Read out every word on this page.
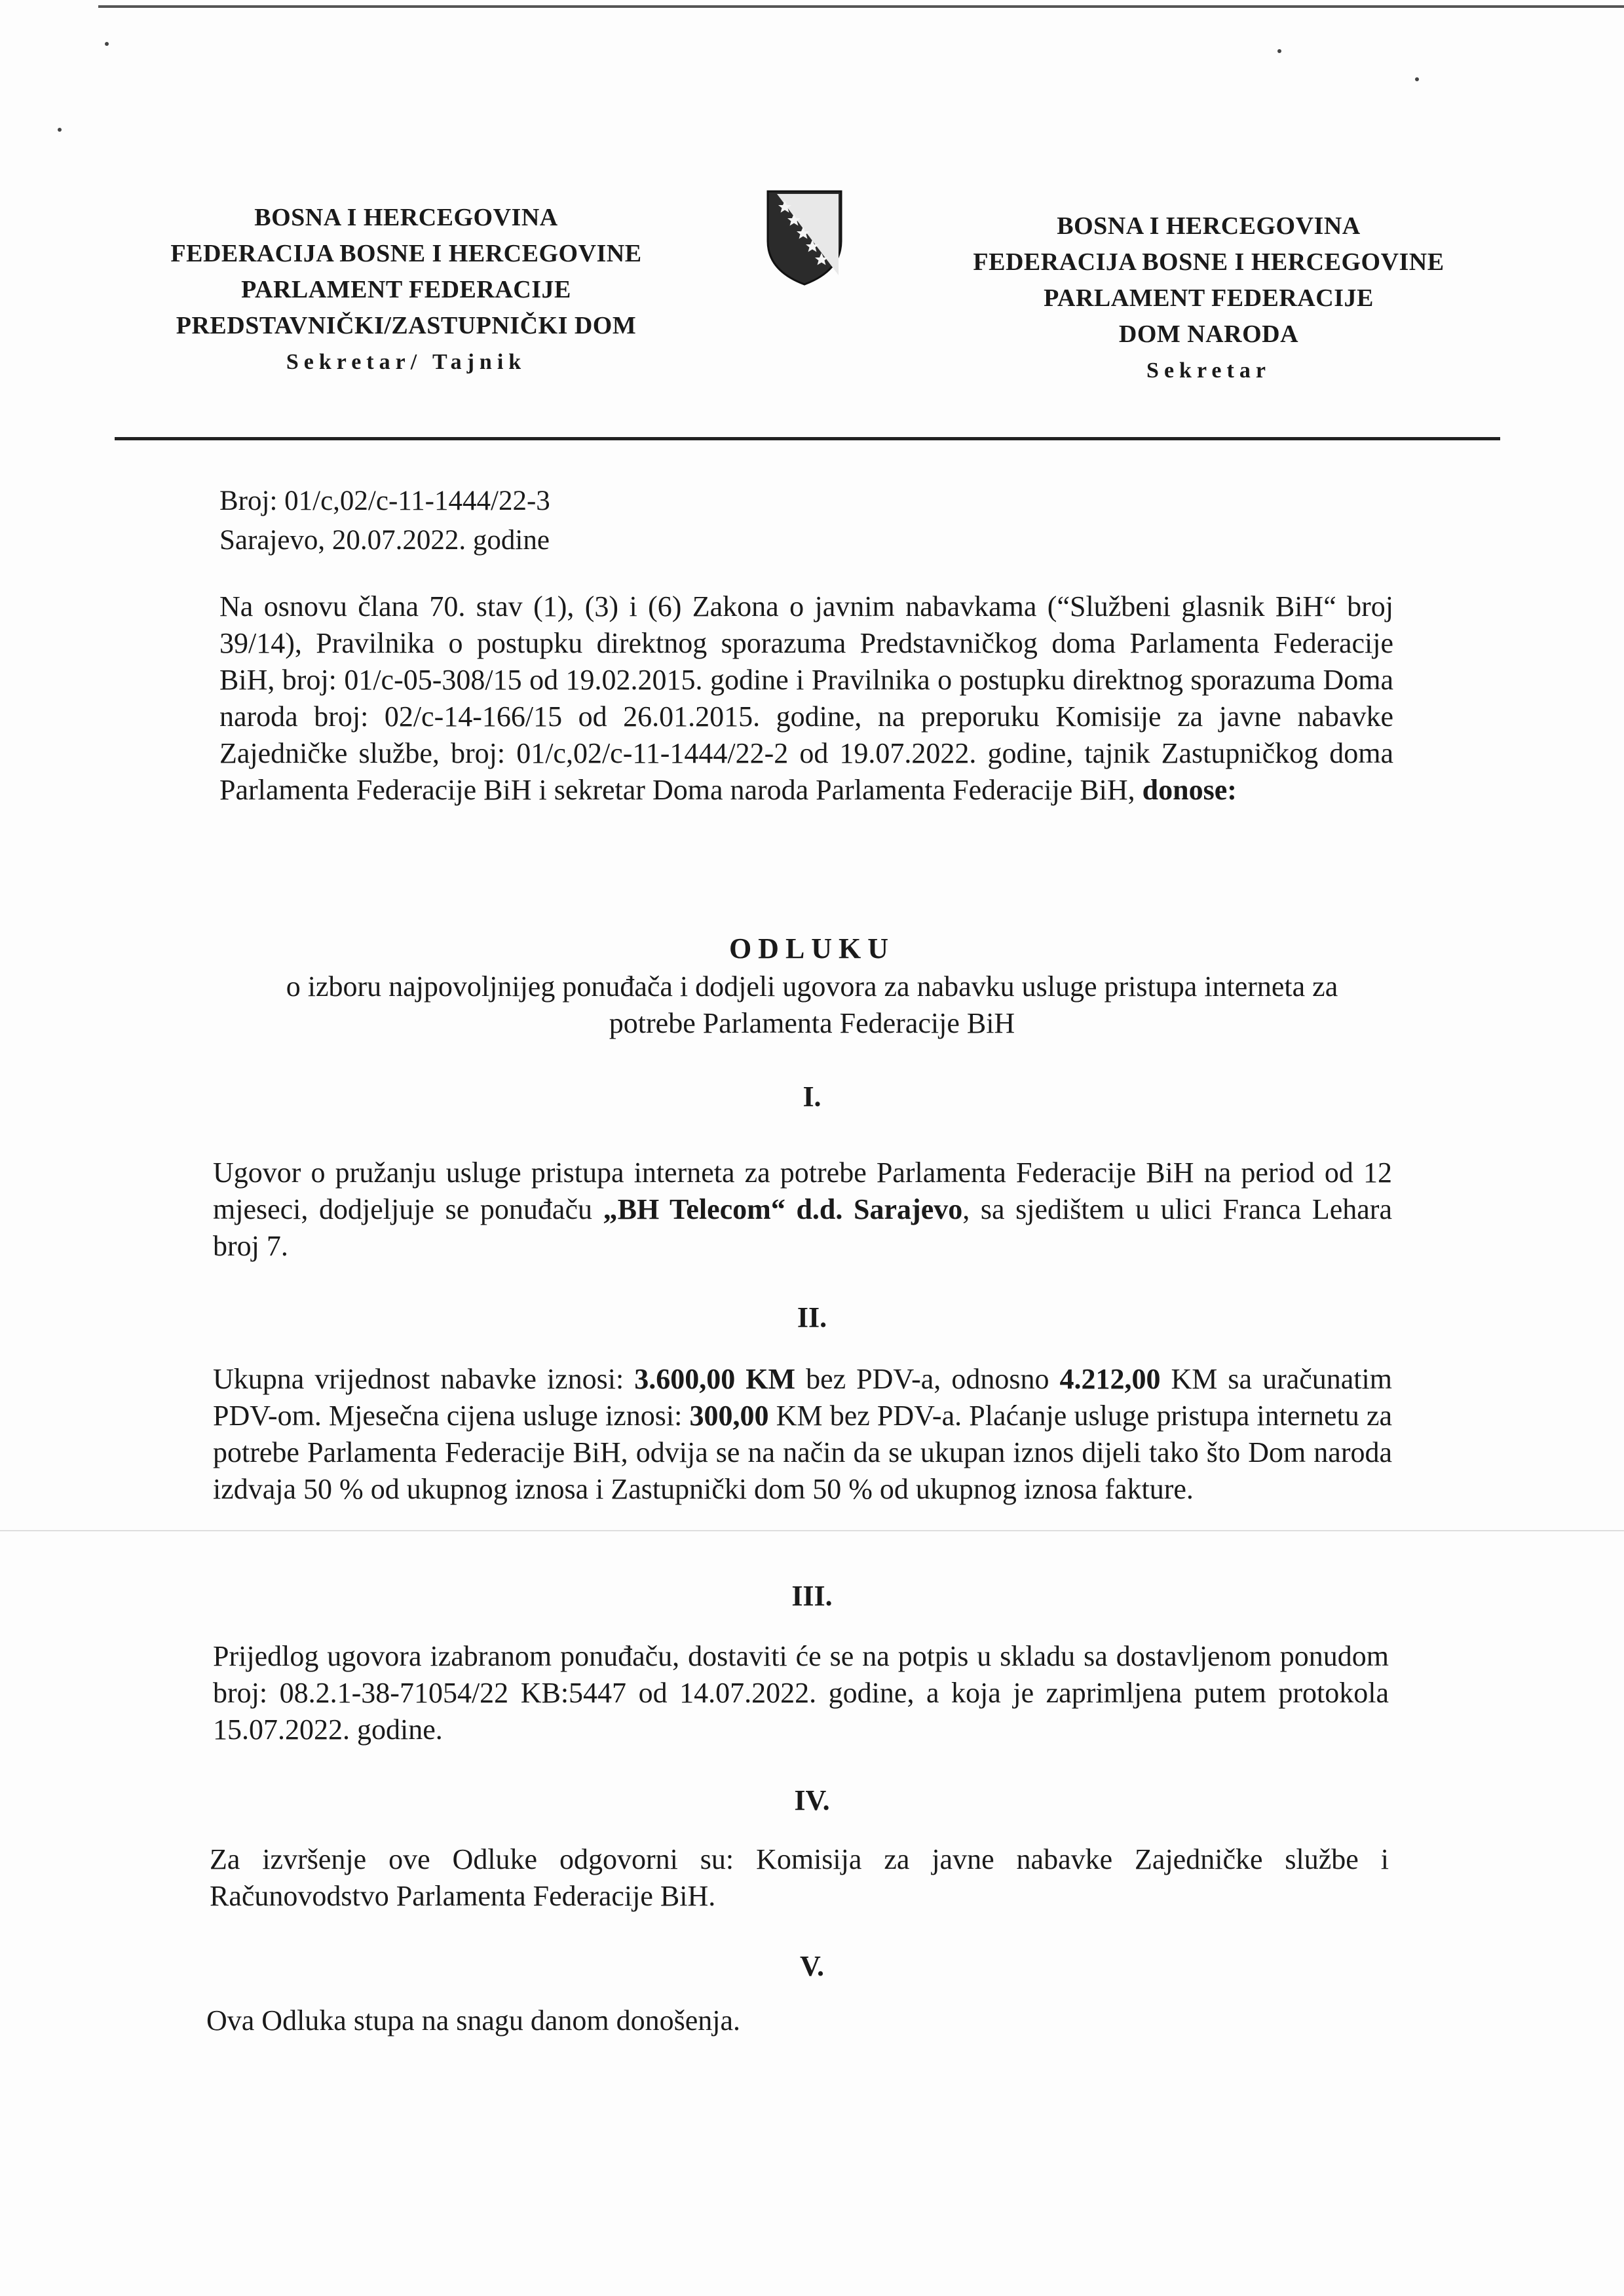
BOSNA I HERCEGOVINA
FEDERACIJA BOSNE I HERCEGOVINE
PARLAMENT FEDERACIJE
PREDSTAVNIČKI/ZASTUPNIČKI DOM
Sekretar/ Tajnik
BOSNA I HERCEGOVINA
FEDERACIJA BOSNE I HERCEGOVINE
PARLAMENT FEDERACIJE
DOM NARODA
Sekretar
Broj: 01/c,02/c-11-1444/22-3
Sarajevo, 20.07.2022. godine
Na osnovu člana 70. stav (1), (3) i (6) Zakona o javnim nabavkama (“Službeni glasnik BiH“ broj 39/14), Pravilnika o postupku direktnog sporazuma Predstavničkog doma Parlamenta Federacije BiH, broj: 01/c-05-308/15 od 19.02.2015. godine i Pravilnika o postupku direktnog sporazuma Doma naroda broj: 02/c-14-166/15 od 26.01.2015. godine, na preporuku Komisije za javne nabavke Zajedničke službe, broj: 01/c,02/c-11-1444/22-2 od 19.07.2022. godine, tajnik Zastupničkog doma Parlamenta Federacije BiH i sekretar Doma naroda Parlamenta Federacije BiH, donose:
ODLUKU
o izboru najpovoljnijeg ponuđača i dodjeli ugovora za nabavku usluge pristupa interneta za
potrebe Parlamenta Federacije BiH
I.
Ugovor o pružanju usluge pristupa interneta za potrebe Parlamenta Federacije BiH na period od 12 mjeseci, dodjeljuje se ponuđaču „BH Telecom“ d.d. Sarajevo, sa sjedištem u ulici Franca Lehara broj 7.
II.
Ukupna vrijednost nabavke iznosi: 3.600,00 KM bez PDV-a, odnosno 4.212,00 KM sa uračunatim PDV-om. Mjesečna cijena usluge iznosi: 300,00 KM bez PDV-a. Plaćanje usluge pristupa internetu za potrebe Parlamenta Federacije BiH, odvija se na način da se ukupan iznos dijeli tako što Dom naroda izdvaja 50 % od ukupnog iznosa i Zastupnički dom 50 % od ukupnog iznosa fakture.
III.
Prijedlog ugovora izabranom ponuđaču, dostaviti će se na potpis u skladu sa dostavljenom ponudom broj: 08.2.1-38-71054/22 KB:5447 od 14.07.2022. godine, a koja je zaprimljena putem protokola 15.07.2022. godine.
IV.
Za izvršenje ove Odluke odgovorni su: Komisija za javne nabavke Zajedničke službe i Računovodstvo Parlamenta Federacije BiH.
V.
Ova Odluka stupa na snagu danom donošenja.
